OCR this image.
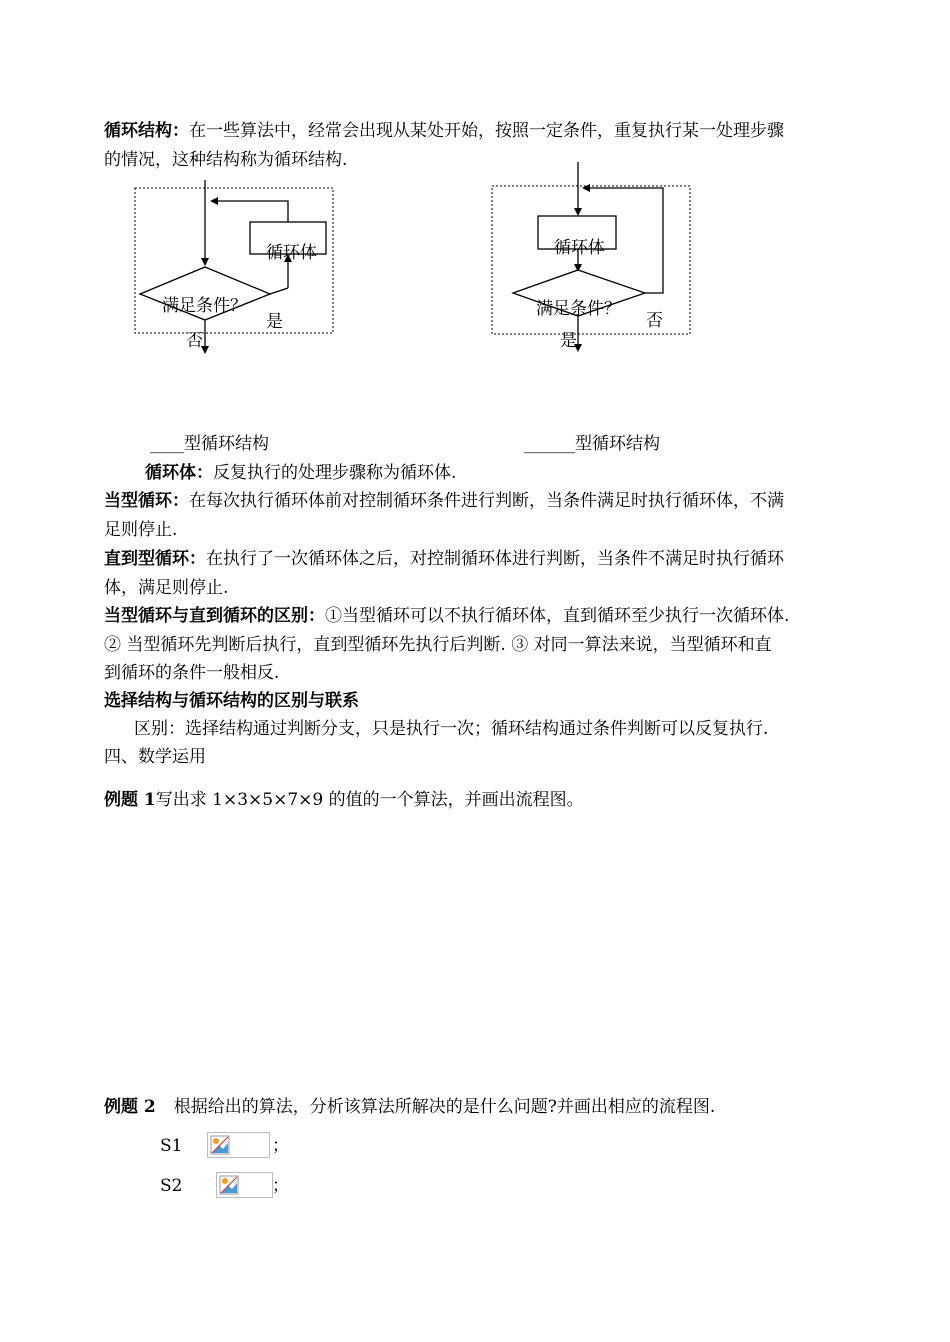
循环结构：在一些算法中，经常会出现从某处开始，按照一定条件，重复执行某一处理步骤
的情况，这种结构称为循环结构.
循环体
满足条件？
是
否
循环体
满足条件？
否
是
____型循环结构	______型循环结构
循环体：反复执行的处理步骤称为循环体.
当型循环：在每次执行循环体前对控制循环条件进行判断，当条件满足时执行循环体，不满
足则停止.
直到型循环：在执行了一次循环体之后，对控制循环体进行判断，当条件不满足时执行循环
体，满足则停止.
当型循环与直到循环的区别：①当型循环可以不执行循环体，直到循环至少执行一次循环体.
② 当型循环先判断后执行，直到型循环先执行后判断. ③ 对同一算法来说，当型循环和直
到循环的条件一般相反.
选择结构与循环结构的区别与联系
区别：选择结构通过判断分支，只是执行一次；循环结构通过条件判断可以反复执行.
四、数学运用
例题 1写出求 1×3×5×7×9 的值的一个算法，并画出流程图。
例题 2 根据给出的算法，分析该算法所解决的是什么问题?并画出相应的流程图.
S1	；
S2	；
